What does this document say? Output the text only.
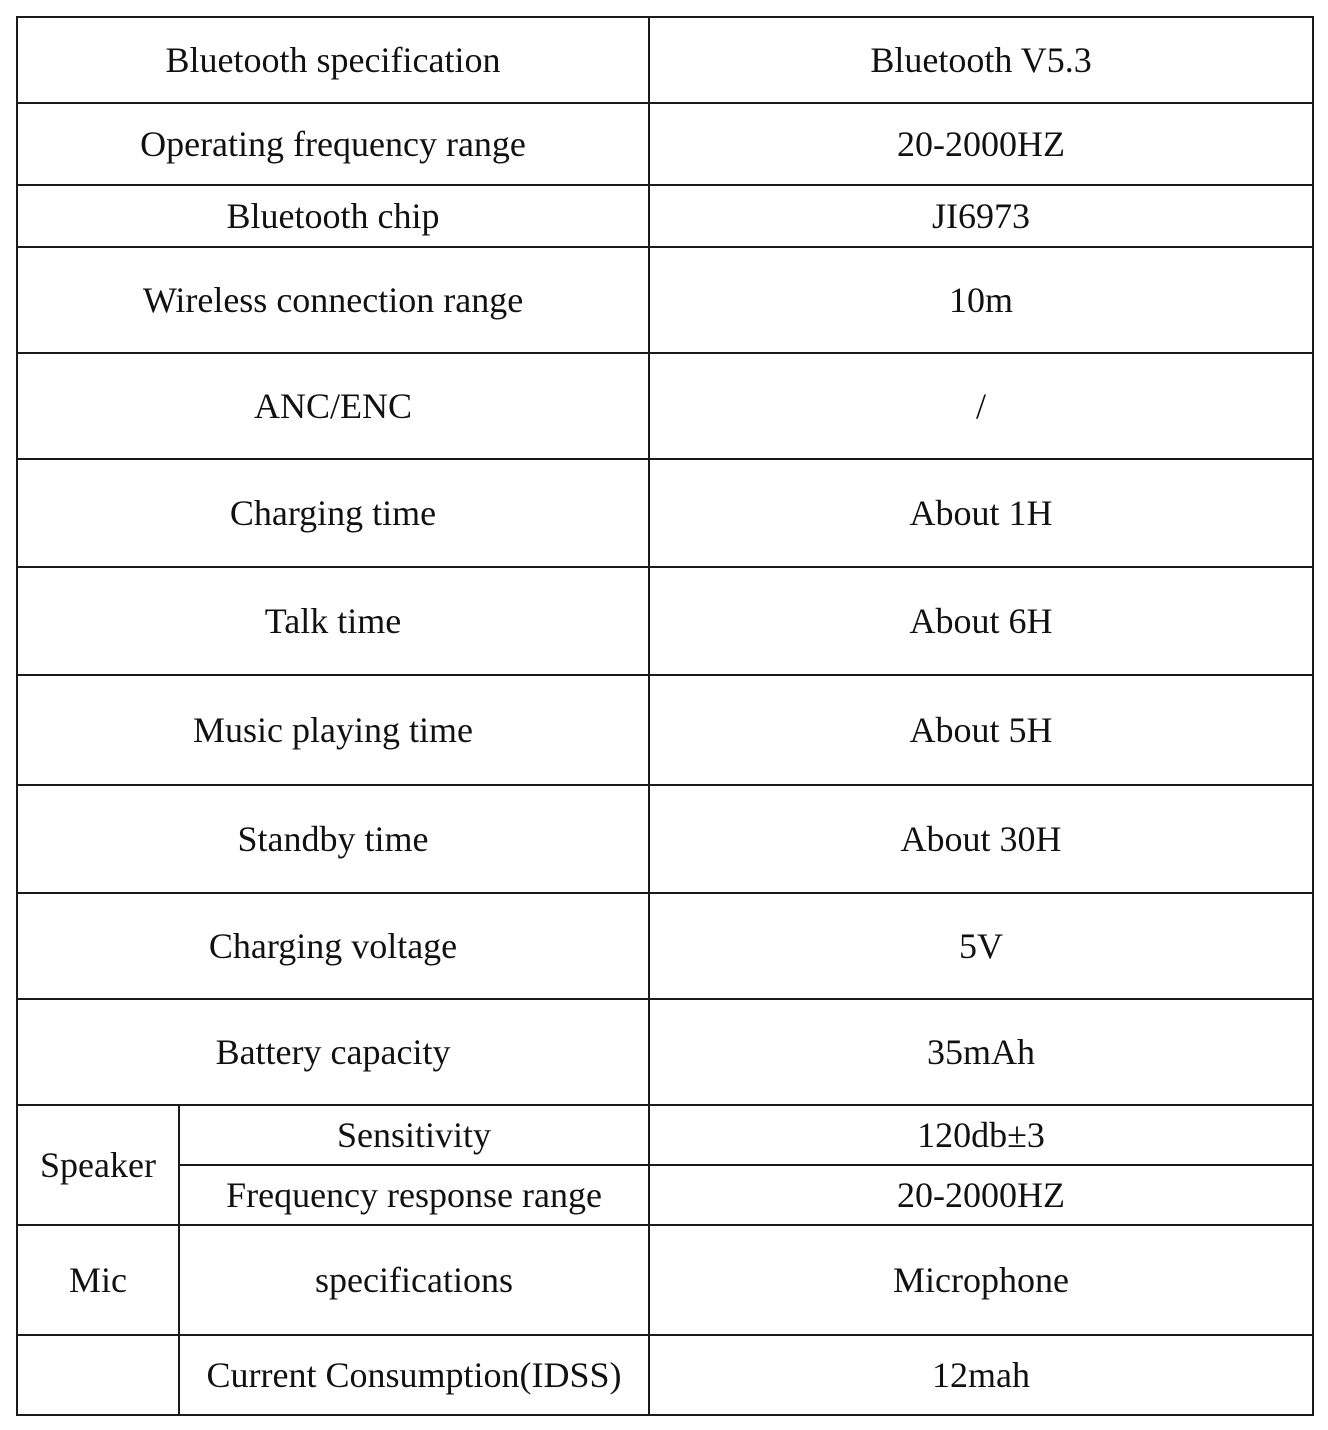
Bluetooth specification		Bluetooth V5.3
Operating frequency range		20-2000HZ
Bluetooth chip		JI6973
Wireless connection range		10m
ANC/ENC		/
Charging time		About 1H
Talk time		About 6H
Music playing time		About 5H
Standby time		About 30H
Charging voltage		5V
Battery capacity		35mAh
Speaker	Sensitivity	120db±3
	Frequency response range	20-2000HZ
Mic	specifications	Microphone
	Current Consumption(IDSS)	12mah
